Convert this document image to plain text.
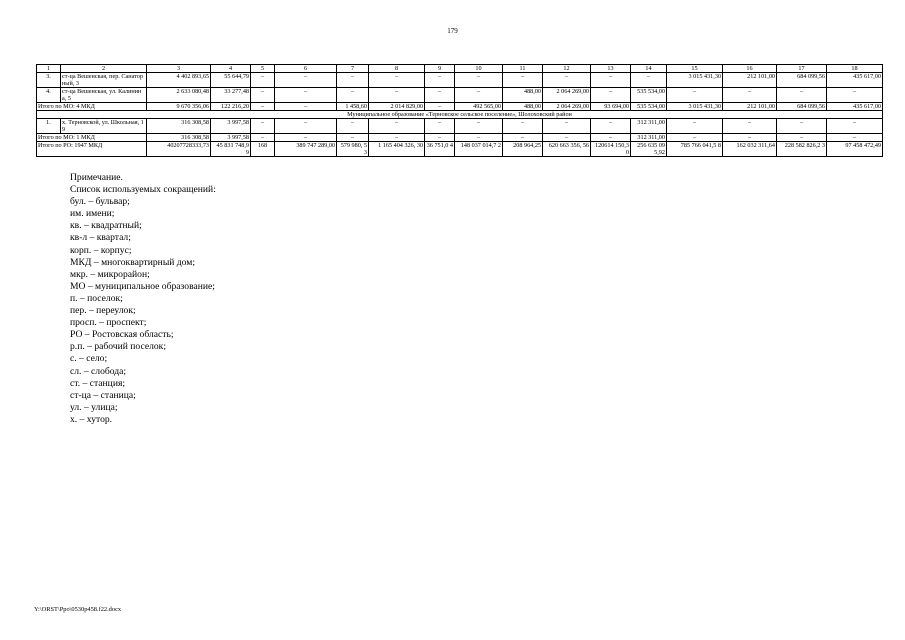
179
1	2	3	4	5	6	7	8	9	10	11	12	13	14	15	16	17	18
3.	ст-ца Вешенская, пер. Санаторный, 3	4 402 893,65	55 644,79	–	–	–	–	–	–	–	–	–	–	3 015 431,30	212 101,00	684 099,56	435 617,00
4.	ст-ца Вешенская, ул. Калинина, 5	2 633 080,48	33 277,48	–	–	–	–	–	–	488,00	2 064 269,00	–	535 534,00	–	–	–	–
Итого по МО: 4 МКД		9 670 356,06	122 216,20	–	–	1 458,60	2 014 829,00	–	492 565,00	488,00	2 064 269,00	93 694,00	535 534,00	3 015 431,30	212 101,00	684 099,56	435 617,00
Муниципальное образование «Терновское сельское поселение», Шолоховский район																	
1.	х. Терновской, ул. Школьная, 19	316 308,58	3 997,58	–	–	–	–	–	–	–	–	–	312 311,00	–	–	–	–
Итого по МО: 1 МКД		316 308,58	3 997,58	–	–	–	–	–	–	–	–	–	312 311,00	–	–	–	–
Итого по РО: 1947 МКД		40207728333,73	45 831 748,9 9	168	389 747 289,00	579 980, 53	1 165 404 326, 30	36 751,0 4	148 037 014,7 2	208 964,25	620 663 356, 56	120614 150,3 0	256 635 09 5,92	785 766 041,5 8	162 032 311,64	228 582 826,2 3	97 458 472,49
Примечание.
Список используемых сокращений:
бул. – бульвар;
им. имени;
кв. – квадратный;
кв-л – квартал;
корп. – корпус;
МКД – многоквартирный дом;
мкр. – микрорайон;
МО – муниципальное образование;
п. – поселок;
пер. – переулок;
просп. – проспект;
РО – Ростовская область;
р.п. – рабочий поселок;
с. – село;
сл. – слобода;
ст. – станция;
ст-ца – станица;
ул. – улица;
х. – хутор.
Y:\ORST\Ppo\0530p458.f22.docx
